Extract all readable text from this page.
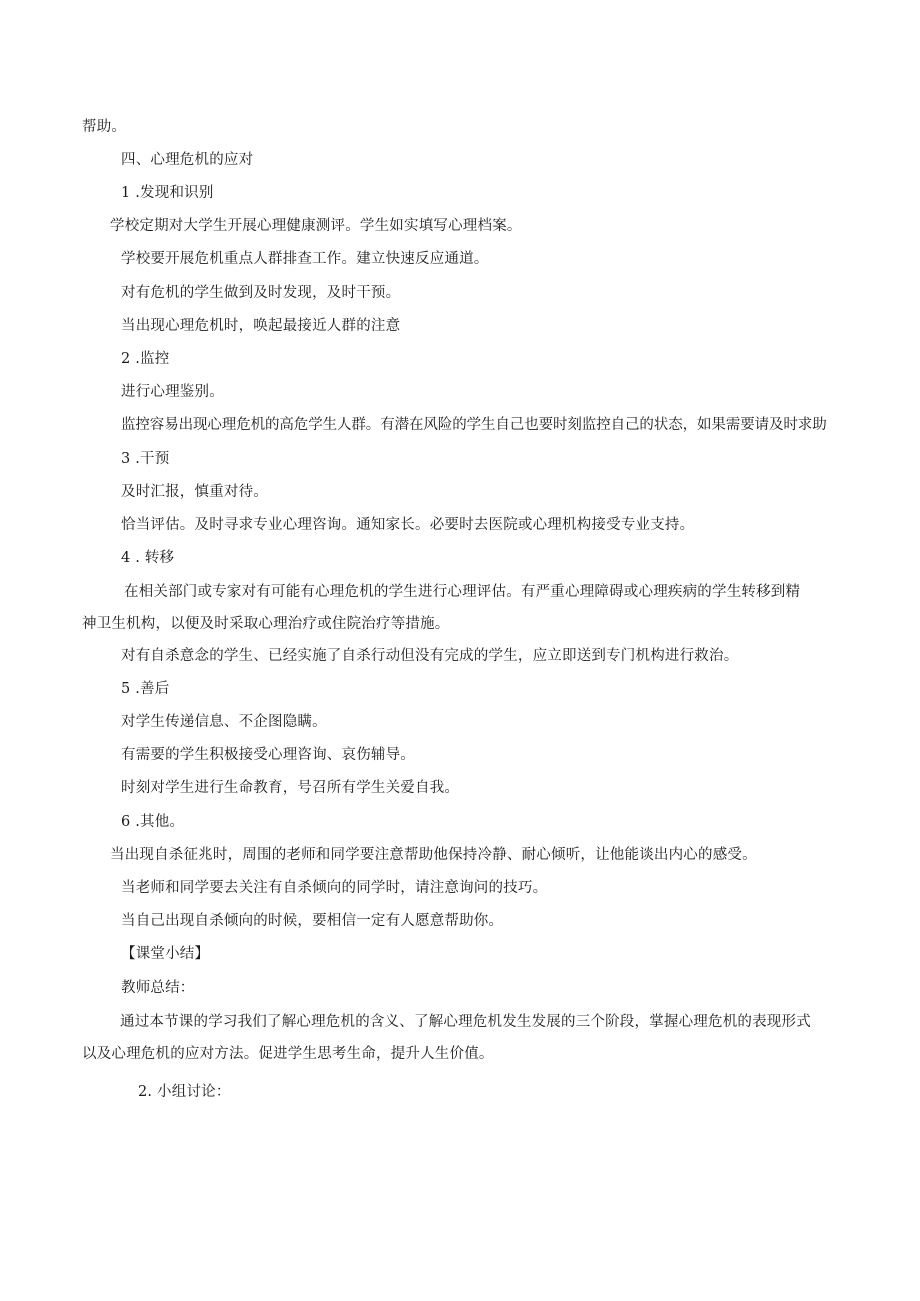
帮助。
四、心理危机的应对
1 .发现和识别
学校定期对大学生开展心理健康测评。学生如实填写心理档案。
学校要开展危机重点人群排查工作。建立快速反应通道。
对有危机的学生做到及时发现，及时干预。
当出现心理危机时，唤起最接近人群的注意
2 .监控
进行心理鉴别。
监控容易出现心理危机的高危学生人群。有潜在风险的学生自己也要时刻监控自己的状态，如果需要请及时求助
3 .干预
及时汇报，慎重对待。
恰当评估。及时寻求专业心理咨询。通知家长。必要时去医院或心理机构接受专业支持。
4 . 转移
在相关部门或专家对有可能有心理危机的学生进行心理评估。有严重心理障碍或心理疾病的学生转移到精神卫生机构，以便及时采取心理治疗或住院治疗等措施。
对有自杀意念的学生、已经实施了自杀行动但没有完成的学生，应立即送到专门机构进行救治。
5 .善后
对学生传递信息、不企图隐瞒。
有需要的学生积极接受心理咨询、哀伤辅导。
时刻对学生进行生命教育，号召所有学生关爱自我。
6 .其他。
当出现自杀征兆时，周围的老师和同学要注意帮助他保持冷静、耐心倾听，让他能谈出内心的感受。
当老师和同学要去关注有自杀倾向的同学时，请注意询问的技巧。
当自己出现自杀倾向的时候，要相信一定有人愿意帮助你。
【课堂小结】
教师总结：
通过本节课的学习我们了解心理危机的含义、了解心理危机发生发展的三个阶段，掌握心理危机的表现形式以及心理危机的应对方法。促进学生思考生命，提升人生价值。
2. 小组讨论：
